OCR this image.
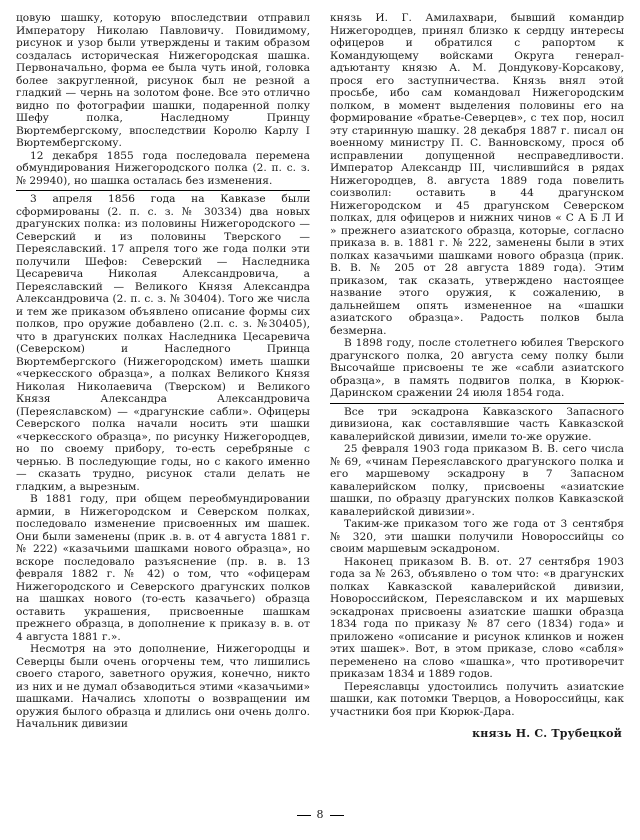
цовую шашку, которую впоследствии отправил Императору Николаю Павловичу. Повидимому, рисунок и узор были утверждены и таким образом создалась историческая Нижегородская шашка. Первоначально, форма ее была чуть иной, головка более закругленной, рисунок был не резной а гладкий — чернь на золотом фоне. Все это отлично видно по фотографии шашки, подаренной полку Шефу полка, Наследному Принцу Вюртембергскому, впоследствии Королю Карлу I Вюртембергскому.

12 декабря 1855 года последовала перемена обмундирования Нижегородского полка (2. п. с. з. № 29940), но шашка осталась без изменения.

3 апреля 1856 года на Кавказе были сформированы (2. п. с. з. № 30334) два новых драгунских полка: из половины Нижегородского — Северский и из половины Тверского — Переяславский. 17 апреля того же года полки эти получили Шефов: Северский — Наследника Цесаревича Николая Александровича, а Переяславский — Великого Князя Александра Александровича (2. п. с. з. № 30404). Того же числа и тем же приказом объявлено описание формы сих полков, про оружие добавлено (2.п. с. з. №30405), что в драгунских полках Наследника Цесаревича (Северском) и Наследного Принца Вюртембергского (Нижегородском) иметь шашки «черкесского образца», а полках Великого Князя Николая Николаевича (Тверском) и Великого Князя Александра Александровича (Переяславском) — «драгунские сабли». Офицеры Северского полка начали носить эти шашки «черкесского образца», по рисунку Нижегородцев, но по своему прибору, то-есть серебряные с чернью. В последующие годы, но с какого именно — сказать трудно, рисунок стали делать не гладким, а вырезным.

В 1881 году, при общем переобмундировании армии, в Нижегородском и Северском полках, последовало изменение присвоенных им шашек. Они были заменены (прик .в. в. от 4 августа 1881 г. № 222) «казачьими шашками нового образца», но вскоре последовало разъяснение (пр. в. в. 13 февраля 1882 г. № 42) о том, что «офицерам Нижегородского и Северского драгунских полков на шашках нового (то-есть казачьего) образца оставить украшения, присвоенные шашкам прежнего образца, в дополнение к приказу в. в. от 4 августа 1881 г.».

Несмотря на это дополнение, Нижегородцы и Северцы были очень огорчены тем, что лишились своего старого, заветного оружия, конечно, никто из них и не думал обзаводиться этими «казачьими» шашками. Начались хлопоты о возвращении им оружия былого образца и длились они очень долго. Начальник дивизии

князь И. Г. Амилахвари, бывший командир Нижегородцев, принял близко к сердцу интересы офицеров и обратился с рапортом к Командующему войсками Округа генерал-адъютанту князю А. М. Дондукову-Корсакову, прося его заступничества. Князь внял этой просьбе, ибо сам командовал Нижегородским полком, в момент выделения половины его на формирование «братье-Северцев», с тех пор, носил эту старинную шашку. 28 декабря 1887 г. писал он военному министру П. С. Ванновскому, прося об исправлении допущенной несправедливости. Император Александр III, числившийся в рядах Нижегородцев, 8. августа 1889 года повелить соизволил: оставить в 44 драгунском Нижегородском и 45 драгунском Северском полках, для офицеров и нижних чинов « С А Б Л И » прежнего азиатского образца, которые, согласно приказа в. в. 1881 г. № 222, заменены были в этих полках казачьими шашками нового образца (прик. В. В. № 205 от 28 августа 1889 года). Этим приказом, так сказать, утверждено настоящее название этого оружия, к сожалению, в дальнейшем опять измененное на «шашки азиатского образца». Радость полков была безмерна.

В 1898 году, после столетнего юбилея Тверского драгунского полка, 20 августа сему полку были Высочайше присвоены те же «сабли азиатского образца», в память подвигов полка, в Кюрюк-Даринском сражении 24 июля 1854 года.

Все три эскадрона Кавказского Запасного дивизиона, как составлявшие часть Кавказской кавалерийской дивизии, имели то-же оружие.

25 февраля 1903 года приказом В. В. сего числа № 69, «чинам Переяславского драгунского полка и его маршевому эскадрону в 7 Запасном кавалерийском полку, присвоены «азиатские шашки, по образцу драгунских полков Кавказской кавалерийской дивизии».

Таким-же приказом того же года от 3 сентября № 320, эти шашки получили Новороссийцы со своим маршевым эскадроном.

Наконец приказом В. В. от. 27 сентября 1903 года за № 263, объявлено о том что: «в драгунских полках Кавказской кавалерийской дивизии, Новороссийском, Переяславском и их маршевых эскадронах присвоены азиатские шашки образца 1834 года по приказу № 87 сего (1834) года» и приложено «описание и рисунок клинков и ножен этих шашек». Вот, в этом приказе, слово «сабля» переменено на слово «шашка», что противоречит приказам 1834 и 1889 годов.

Переяславцы удостоились получить азиатские шашки, как потомки Тверцов, а Новороссийцы, как участники боя при Кюрюк-Дара.

князь Н. С. Трубецкой
8
